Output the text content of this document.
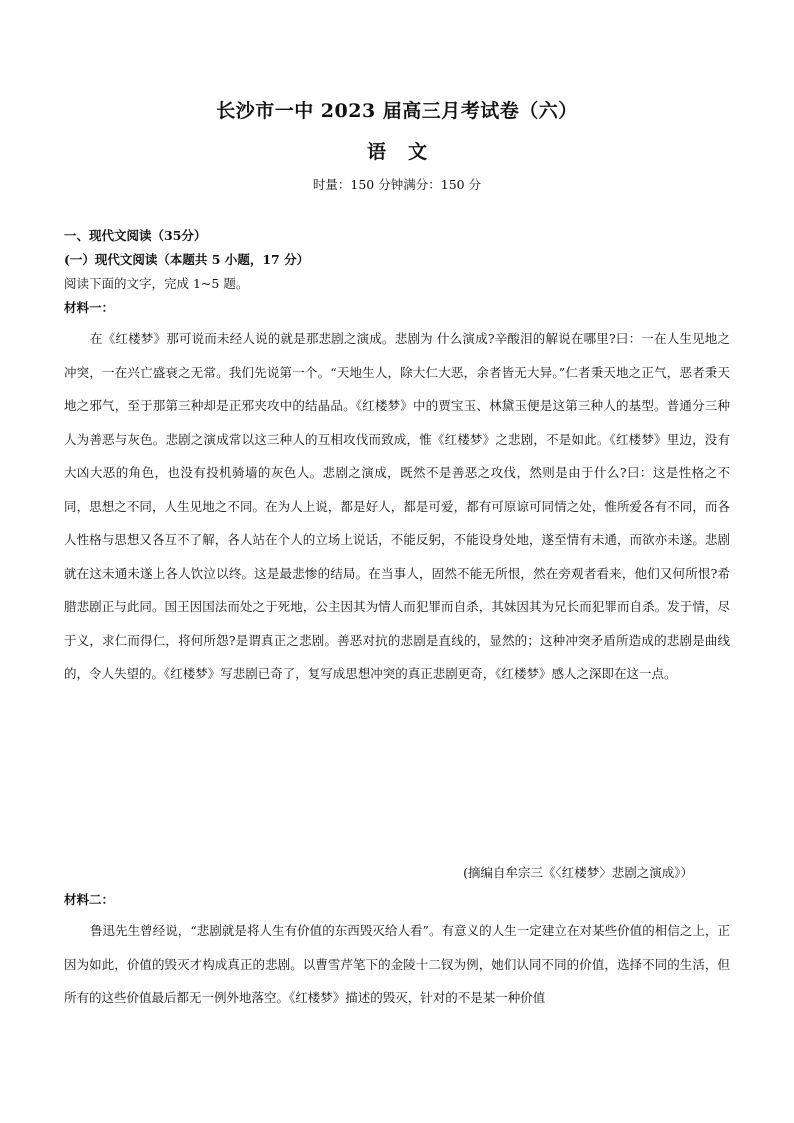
长沙市一中 2023 届高三月考试卷（六）
语文
时量：150 分钟满分：150 分
一、现代文阅读（35分）
(一）现代文阅读（本题共 5 小题，17 分）
阅读下面的文字，完成 1~5 题。
材料一：
在《红楼梦》那可说而未经人说的就是那悲剧之演成。悲剧为 什么演成?辛酸泪的解说在哪里?曰：一在人生见地之冲突，一在兴亡盛衰之无常。我们先说第一个。“天地生人，除大仁大恶，余者皆无大异。”仁者秉天地之正气，恶者秉天地之邪气，至于那第三种却是正邪夹攻中的结晶品。《红楼梦》中的贾宝玉、林黛玉便是这第三种人的基型。普通分三种人为善恶与灰色。悲剧之演成常以这三种人的互相攻伐而致成，惟《红楼梦》之悲剧，不是如此。《红楼梦》里边，没有大凶大恶的角色，也没有投机骑墙的灰色人。悲剧之演成，既然不是善恶之攻伐，然则是由于什么?曰：这是性格之不同，思想之不同，人生见地之不同。在为人上说，都是好人，都是可爱，都有可原谅可同情之处，惟所爱各有不同，而各人性格与思想又各互不了解，各人站在个人的立场上说话，不能反躬，不能设身处地，遂至情有未通，而欲亦未遂。悲剧就在这未通未遂上各人饮泣以终。这是最悲惨的结局。在当事人，固然不能无所恨，然在旁观者看来，他们又何所恨?希腊悲剧正与此同。国王因国法而处之于死地，公主因其为情人而犯罪而自杀，其妹因其为兄长而犯罪而自杀。发于情，尽于义，求仁而得仁，将何所怨?是谓真正之悲剧。善恶对抗的悲剧是直线的，显然的；这种冲突矛盾所造成的悲剧是曲线的，令人失望的。《红楼梦》写悲剧已奇了，复写成思想冲突的真正悲剧更奇，《红楼梦》感人之深即在这一点。
(摘编自牟宗三《〈红楼梦〉悲剧之演成》）
材料二：
鲁迅先生曾经说，“悲剧就是将人生有价值的东西毁灭给人看”。有意义的人生一定建立在对某些价值的相信之上，正因为如此，价值的毁灭才构成真正的悲剧。以曹雪芹笔下的金陵十二钗为例，她们认同不同的价值，选择不同的生活，但所有的这些价值最后都无一例外地落空。《红楼梦》描述的毁灭，针对的不是某一种价值
